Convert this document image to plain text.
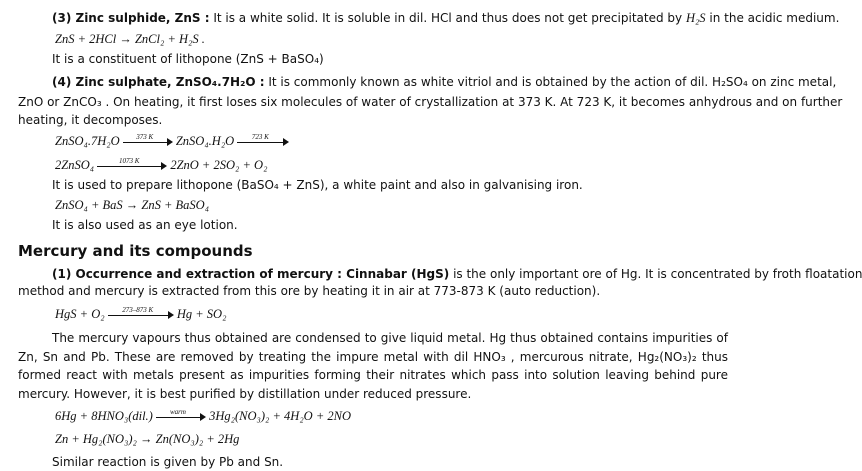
(3) Zinc sulphide, ZnS : It is a white solid. It is soluble in dil. HCl and thus does not get precipitated by H₂S in the acidic medium.
ZnS + 2HCl → ZnCl₂ + H₂S .
It is a constituent of lithopone (ZnS + BaSO₄)
(4) Zinc sulphate, ZnSO₄.7H₂O : It is commonly known as white vitriol and is obtained by the action of dil. H₂SO₄ on zinc metal,
ZnO or ZnCO₃ . On heating, it first loses six molecules of water of crystallization at 373 K. At 723 K, it becomes anhydrous and on further
heating, it decomposes.
ZnSO₄.7H₂O	373 K	ZnSO₄.H₂O	723 K
2ZnSO₄	1073 K	2ZnO + 2SO₂ + O₂
It is used to prepare lithopone (BaSO₄ + ZnS), a white paint and also in galvanising iron.
ZnSO₄ + BaS → ZnS + BaSO₄
It is also used as an eye lotion.
Mercury and its compounds
(1) Occurrence and extraction of mercury : Cinnabar (HgS) is the only important ore of Hg. It is concentrated by froth floatation
method and mercury is extracted from this ore by heating it in air at 773-873 K (auto reduction).
HgS + O₂	273–873 K	Hg + SO₂
The mercury vapours thus obtained are condensed to give liquid metal. Hg thus obtained contains impurities of Zn, Sn and Pb. These are removed by treating the impure metal with dil HNO₃ , mercurous nitrate, Hg₂(NO₃)₂ thus formed react with metals present as impurities forming their nitrates which pass into solution leaving behind pure mercury. However, it is best purified by distillation under reduced pressure.
6Hg + 8HNO₃(dil.)	warm	3Hg₂(NO₃)₂ + 4H₂O + 2NO
Zn + Hg₂(NO₃)₂ → Zn(NO₃)₂ + 2Hg
Similar reaction is given by Pb and Sn.
